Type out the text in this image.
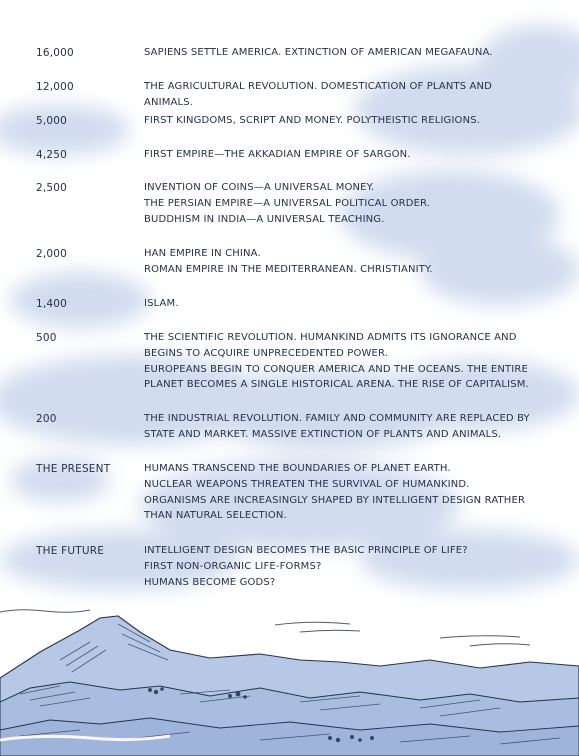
16,000	SAPIENS SETTLE AMERICA. EXTINCTION OF AMERICAN MEGAFAUNA.
12,000	THE AGRICULTURAL REVOLUTION. DOMESTICATION OF PLANTS AND ANIMALS.
5,000	FIRST KINGDOMS, SCRIPT AND MONEY. POLYTHEISTIC RELIGIONS.
4,250	FIRST EMPIRE—THE AKKADIAN EMPIRE OF SARGON.
2,500	INVENTION OF COINS—A UNIVERSAL MONEY.
THE PERSIAN EMPIRE—A UNIVERSAL POLITICAL ORDER.
BUDDHISM IN INDIA—A UNIVERSAL TEACHING.
2,000	HAN EMPIRE IN CHINA.
ROMAN EMPIRE IN THE MEDITERRANEAN. CHRISTIANITY.
1,400	ISLAM.
500	THE SCIENTIFIC REVOLUTION. HUMANKIND ADMITS ITS IGNORANCE AND BEGINS TO ACQUIRE UNPRECEDENTED POWER.
EUROPEANS BEGIN TO CONQUER AMERICA AND THE OCEANS. THE ENTIRE PLANET BECOMES A SINGLE HISTORICAL ARENA. THE RISE OF CAPITALISM.
200	THE INDUSTRIAL REVOLUTION. FAMILY AND COMMUNITY ARE REPLACED BY STATE AND MARKET. MASSIVE EXTINCTION OF PLANTS AND ANIMALS.
THE PRESENT	HUMANS TRANSCEND THE BOUNDARIES OF PLANET EARTH.
NUCLEAR WEAPONS THREATEN THE SURVIVAL OF HUMANKIND.
ORGANISMS ARE INCREASINGLY SHAPED BY INTELLIGENT DESIGN RATHER THAN NATURAL SELECTION.
THE FUTURE	INTELLIGENT DESIGN BECOMES THE BASIC PRINCIPLE OF LIFE?
FIRST NON-ORGANIC LIFE-FORMS?
HUMANS BECOME GODS?
